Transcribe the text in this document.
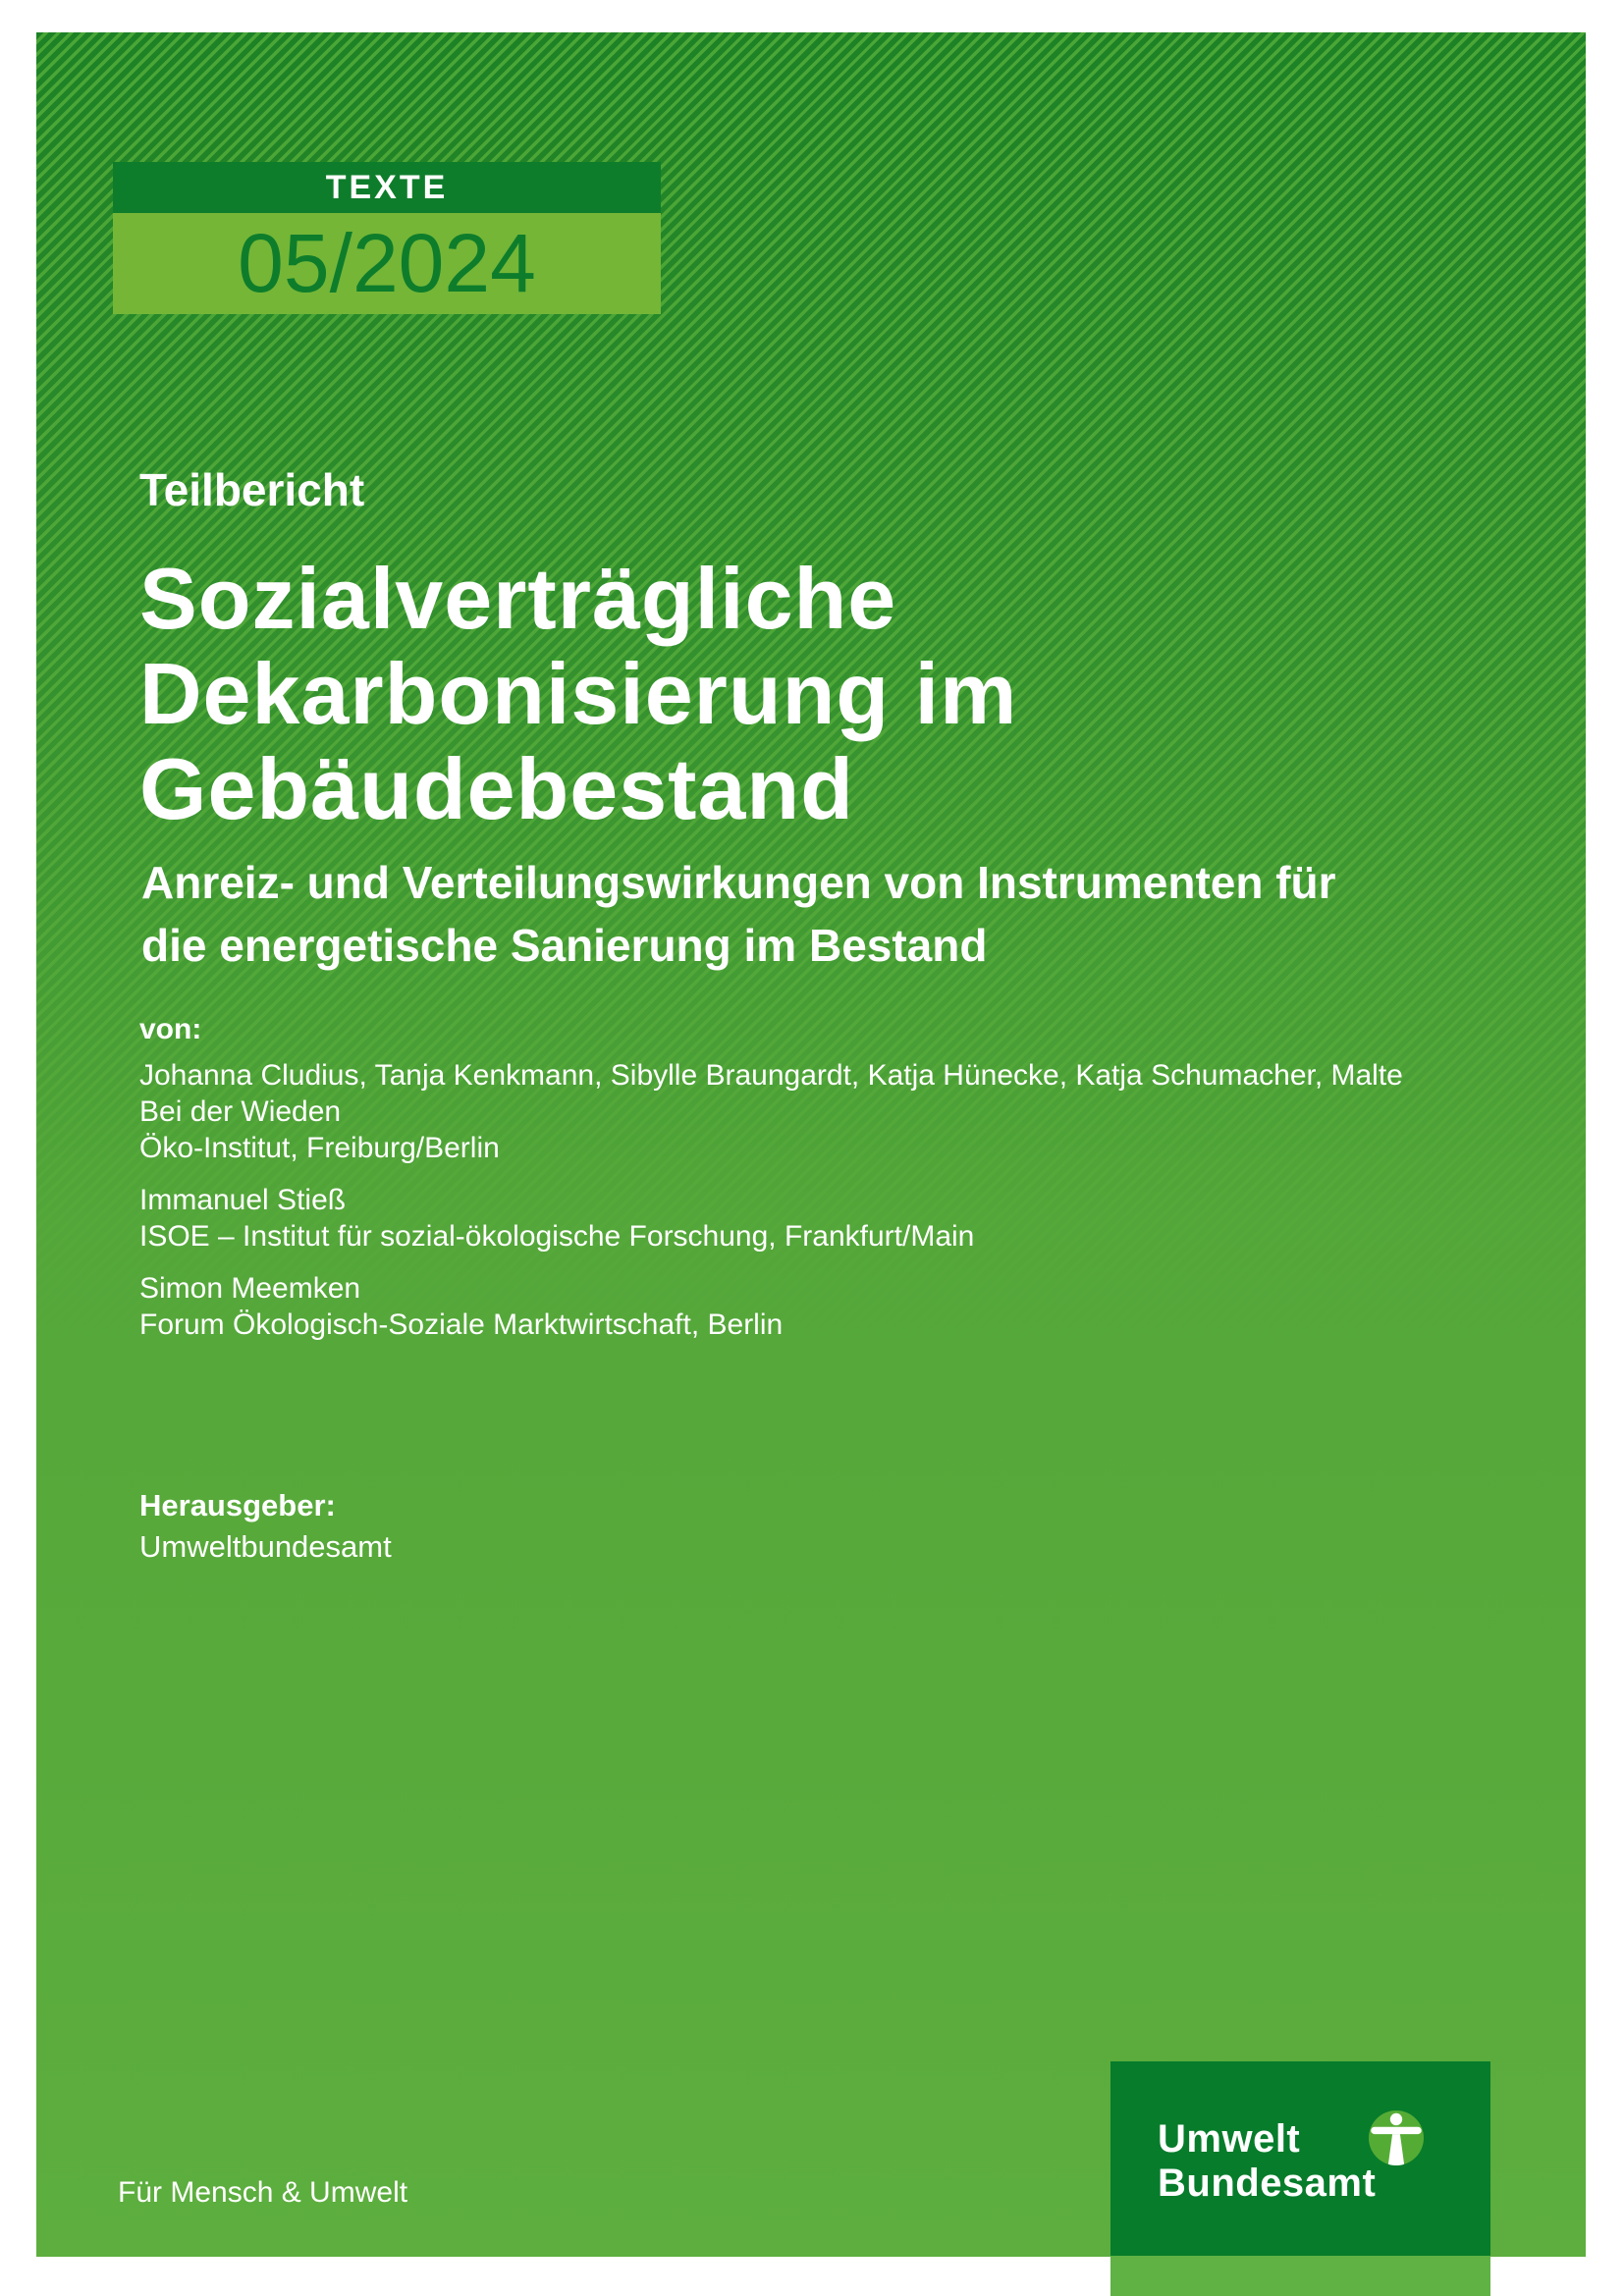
TEXTE
05/2024
Teilbericht
Sozialverträgliche
Dekarbonisierung im
Gebäudebestand
Anreiz- und Verteilungswirkungen von Instrumenten für
die energetische Sanierung im Bestand
von:
Johanna Cludius, Tanja Kenkmann, Sibylle Braungardt, Katja Hünecke, Katja Schumacher, Malte
Bei der Wieden
Öko-Institut, Freiburg/Berlin
Immanuel Stieß
ISOE – Institut für sozial-ökologische Forschung, Frankfurt/Main
Simon Meemken
Forum Ökologisch-Soziale Marktwirtschaft, Berlin
Herausgeber:
Umweltbundesamt
Für Mensch & Umwelt
Umwelt
Bundesamt
